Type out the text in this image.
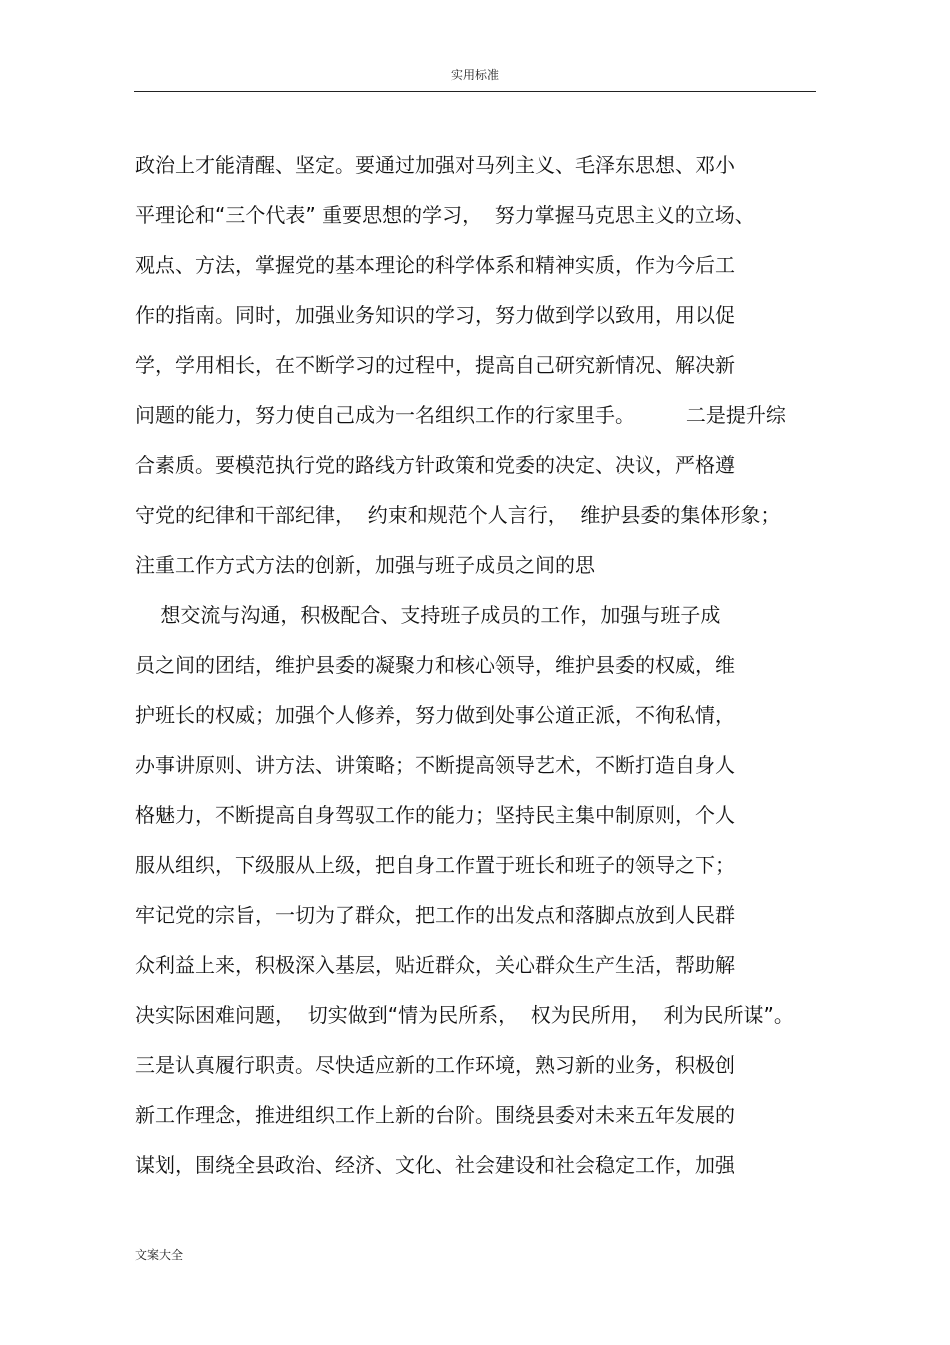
实用标准
政治上才能清醒、坚定。要通过加强对马列主义、毛泽东思想、邓小
平理论和“三个代表” 重要思想的学习，  努力掌握马克思主义的立场、
观点、方法，掌握党的基本理论的科学体系和精神实质，作为今后工
作的指南。同时，加强业务知识的学习，努力做到学以致用，用以促
学，学用相长，在不断学习的过程中，提高自己研究新情况、解决新
问题的能力，努力使自己成为一名组织工作的行家里手。        二是提升综
合素质。要模范执行党的路线方针政策和党委的决定、决议，严格遵
守党的纪律和干部纪律，  约束和规范个人言行，  维护县委的集体形象；
注重工作方式方法的创新，加强与班子成员之间的思
想交流与沟通，积极配合、支持班子成员的工作，加强与班子成
员之间的团结，维护县委的凝聚力和核心领导，维护县委的权威，维
护班长的权威；加强个人修养，努力做到处事公道正派，不徇私情，
办事讲原则、讲方法、讲策略；不断提高领导艺术，不断打造自身人
格魅力，不断提高自身驾驭工作的能力；坚持民主集中制原则，个人
服从组织，下级服从上级，把自身工作置于班长和班子的领导之下；
牢记党的宗旨，一切为了群众，把工作的出发点和落脚点放到人民群
众利益上来，积极深入基层，贴近群众，关心群众生产生活，帮助解
决实际困难问题，  切实做到“情为民所系，  权为民所用，  利为民所谋”。
三是认真履行职责。尽快适应新的工作环境，熟习新的业务，积极创
新工作理念，推进组织工作上新的台阶。围绕县委对未来五年发展的
谋划，围绕全县政治、经济、文化、社会建设和社会稳定工作，加强
文案大全
